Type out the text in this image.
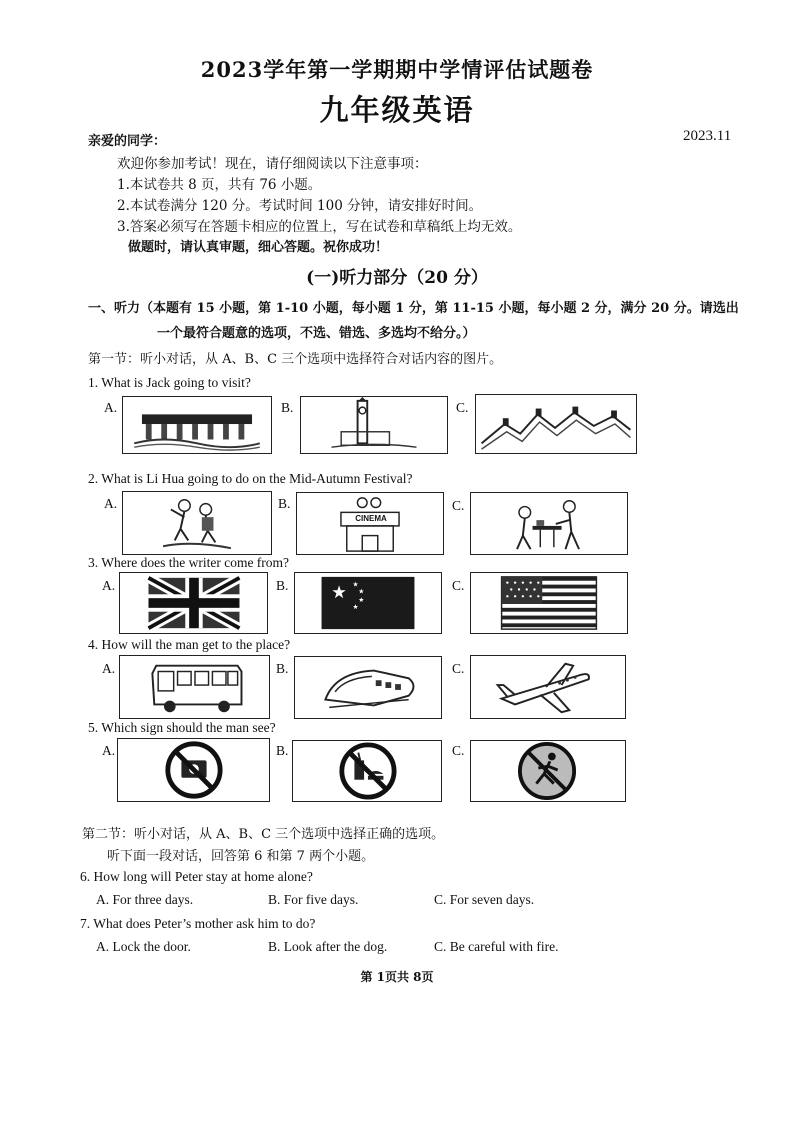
2023学年第一学期期中学情评估试题卷
九年级英语
亲爱的同学：	2023.11
欢迎你参加考试！现在，请仔细阅读以下注意事项：
1.本试卷共 8 页，共有 76 小题。
2.本试卷满分 120 分。考试时间 100 分钟，请安排好时间。
3.答案必须写在答题卡相应的位置上，写在试卷和草稿纸上均无效。
做题时，请认真审题，细心答题。祝你成功！
(一)听力部分（20 分）
一、听力（本题有 15 小题，第 1-10 小题，每小题 1 分，第 11-15 小题，每小题 2 分，满分 20 分。请选出
一个最符合题意的选项，不选、错选、多选均不给分。）
第一节：听小对话，从 A、B、C 三个选项中选择符合对话内容的图片。
1. What is Jack going to visit?
A.	B.	C.
2. What is Li Hua going to do on the Mid-Autumn Festival?
A.	B.
CINEMA
C.
3. Where does the writer come from?
A.	B. ★ ★
★
★
★
C.
4. How will the man get to the place?
A.	B.	C.
5. Which sign should the man see?
A.	B.	C.
第二节：听小对话，从 A、B、C 三个选项中选择正确的选项。
听下面一段对话，回答第 6 和第 7 两个小题。
6. How long will Peter stay at home alone?
A. For three days.	B. For five days.	C. For seven days.
7. What does Peter’s mother ask him to do?
A. Lock the door.	B. Look after the dog.	C. Be careful with fire.
第 1页共 8页
